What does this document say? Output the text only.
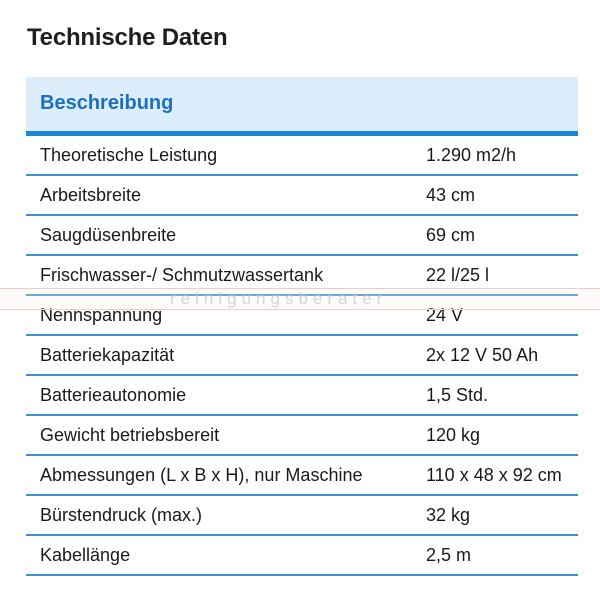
Technische Daten
Beschreibung
Theoretische Leistung	1.290 m2/h
Arbeitsbreite	43 cm
Saugdüsenbreite	69 cm
Frischwasser-/ Schmutzwassertank	22 l/25 l
Nennspannung	24 V
Batteriekapazität	2x 12 V 50 Ah
Batterieautonomie	1,5 Std.
Gewicht betriebsbereit	120 kg
Abmessungen (L x B x H), nur Maschine	110 x 48 x 92 cm
Bürstendruck (max.)	32 kg
Kabellänge	2,5 m
reinigungsberater
